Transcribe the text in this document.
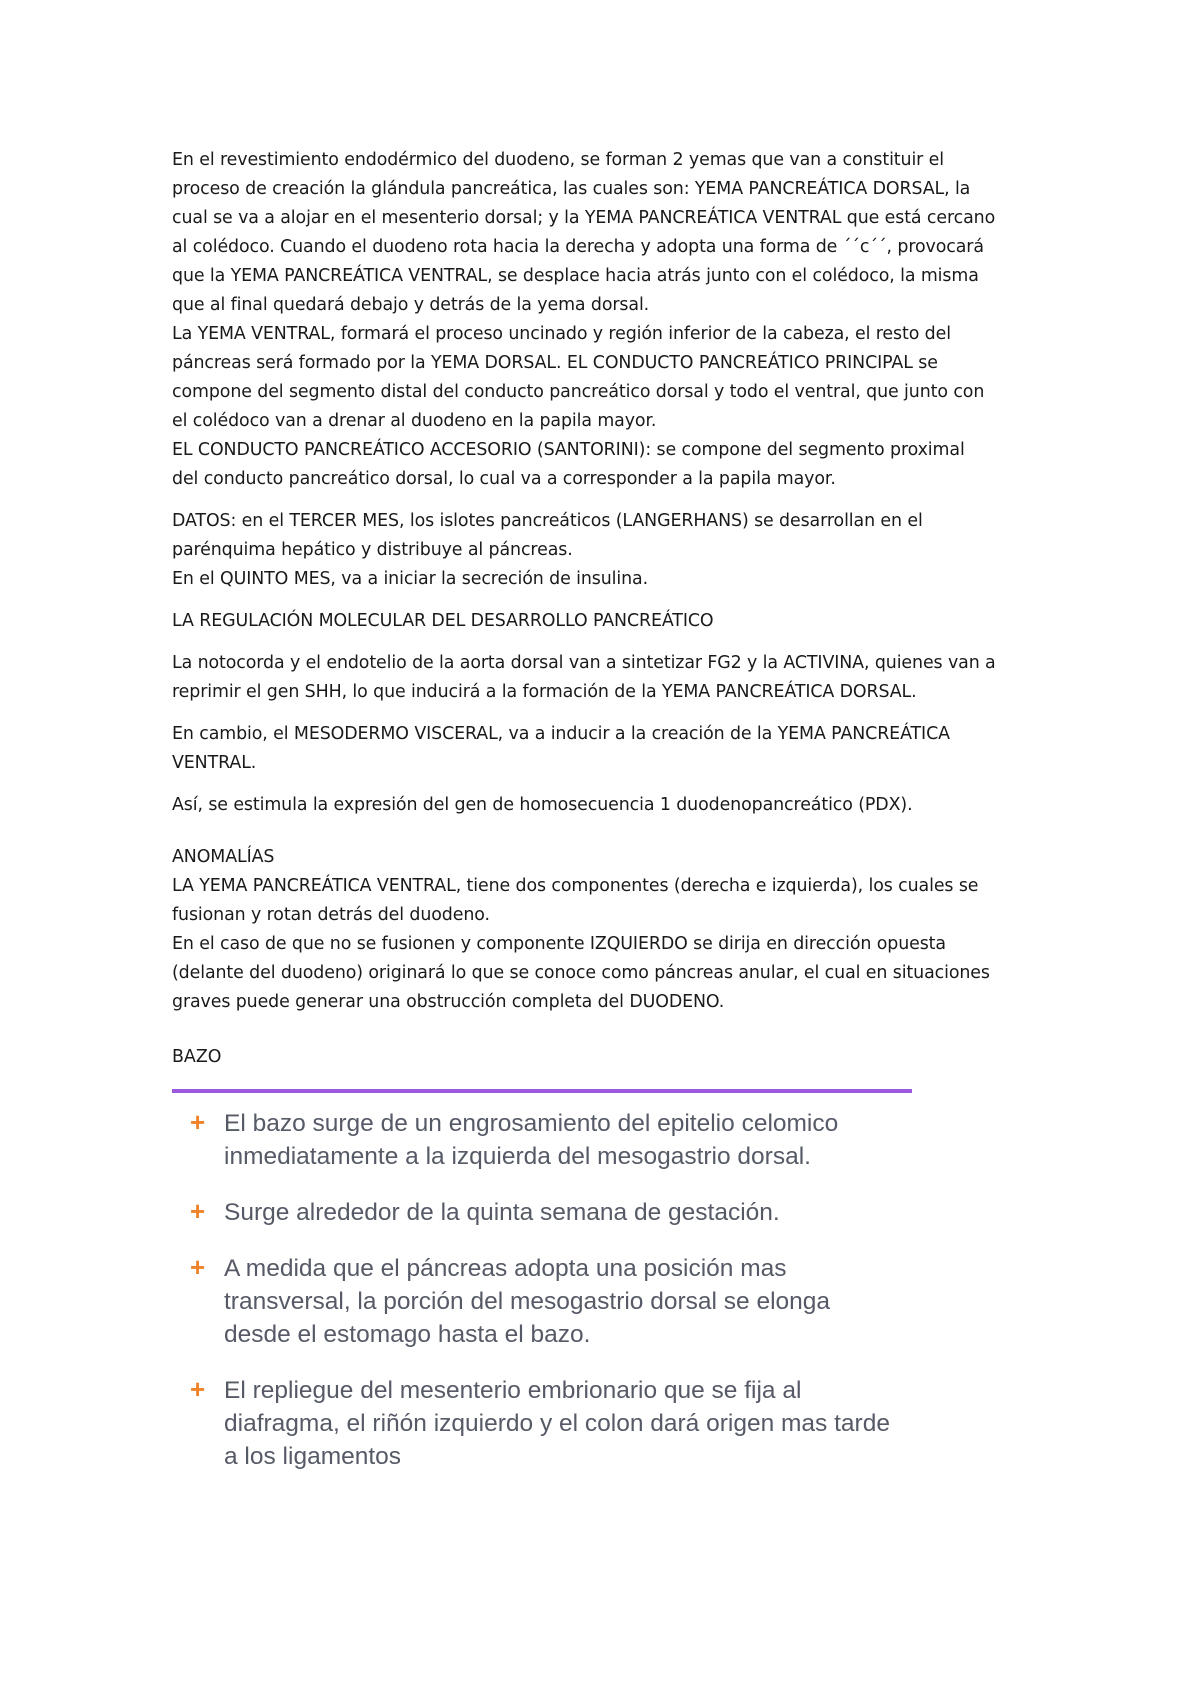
En el revestimiento endodérmico del duodeno, se forman 2 yemas que van a constituir el
proceso de creación la glándula pancreática, las cuales son: YEMA PANCREÁTICA DORSAL, la
cual se va a alojar en el mesenterio dorsal; y la YEMA PANCREÁTICA VENTRAL que está cercano
al colédoco. Cuando el duodeno rota hacia la derecha y adopta una forma de ´´c´´, provocará
que la YEMA PANCREÁTICA VENTRAL, se desplace hacia atrás junto con el colédoco, la misma
que al final quedará debajo y detrás de la yema dorsal.
La YEMA VENTRAL, formará el proceso uncinado y región inferior de la cabeza, el resto del
páncreas será formado por la YEMA DORSAL. EL CONDUCTO PANCREÁTICO PRINCIPAL se
compone del segmento distal del conducto pancreático dorsal y todo el ventral, que junto con
el colédoco van a drenar al duodeno en la papila mayor.
EL CONDUCTO PANCREÁTICO ACCESORIO (SANTORINI): se compone del segmento proximal
del conducto pancreático dorsal, lo cual va a corresponder a la papila mayor.

DATOS: en el TERCER MES, los islotes pancreáticos (LANGERHANS) se desarrollan en el
parénquima hepático y distribuye al páncreas.
En el QUINTO MES, va a iniciar la secreción de insulina.

LA REGULACIÓN MOLECULAR DEL DESARROLLO PANCREÁTICO

La notocorda y el endotelio de la aorta dorsal van a sintetizar FG2 y la ACTIVINA, quienes van a
reprimir el gen SHH, lo que inducirá a la formación de la YEMA PANCREÁTICA DORSAL.

En cambio, el MESODERMO VISCERAL, va a inducir a la creación de la YEMA PANCREÁTICA
VENTRAL.

Así, se estimula la expresión del gen de homosecuencia 1 duodenopancreático (PDX).

ANOMALÍAS
LA YEMA PANCREÁTICA VENTRAL, tiene dos componentes (derecha e izquierda), los cuales se
fusionan y rotan detrás del duodeno.
En el caso de que no se fusionen y componente IZQUIERDO se dirija en dirección opuesta
(delante del duodeno) originará lo que se conoce como páncreas anular, el cual en situaciones
graves puede generar una obstrucción completa del DUODENO.

BAZO

+ El bazo surge de un engrosamiento del epitelio celomico
inmediatamente a la izquierda del mesogastrio dorsal.
+ Surge alrededor de la quinta semana de gestación.
+ A medida que el páncreas adopta una posición mas
transversal, la porción del mesogastrio dorsal se elonga
desde el estomago hasta el bazo.
+ El repliegue del mesenterio embrionario que se fija al
diafragma, el riñón izquierdo y el colon dará origen mas tarde
a los ligamentos
